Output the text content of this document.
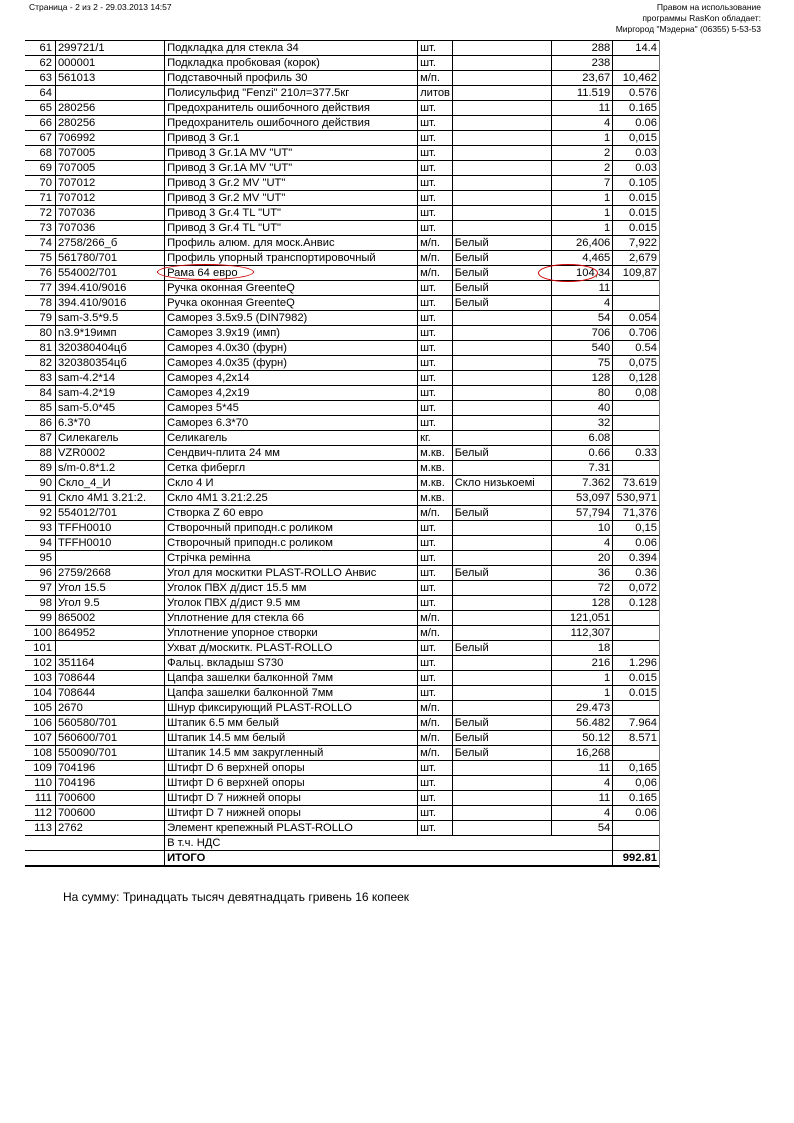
Страница - 2 из 2 - 29.03.2013 14:57	Правом на использование
программы RasKon обладает:
Миргород "Мэдерна" (06355) 5-53-53
61	299721/1	Подкладка для стекла 34	шт.		288	14.4
62	000001	Подкладка пробковая (корок)	шт.		238	
63	561013	Подставочный профиль 30	м/п.		23,67	10,462
64		Полисульфид "Fenzi" 210л=377.5кг	литов		11.519	0.576
65	280256	Предохранитель ошибочного действия	шт.		11	0.165
66	280256	Предохранитель ошибочного действия	шт.		4	0.06
67	706992	Привод 3 Gr.1	шт.		1	0,015
68	707005	Привод 3 Gr.1A MV "UT"	шт.		2	0.03
69	707005	Привод 3 Gr.1A MV "UT"	шт.		2	0.03
70	707012	Привод 3 Gr.2 MV "UT"	шт.		7	0.105
71	707012	Привод 3 Gr.2 MV "UT"	шт.		1	0.015
72	707036	Привод 3 Gr.4 TL "UT"	шт.		1	0.015
73	707036	Привод 3 Gr.4 TL "UT"	шт.		1	0.015
74	2758/266_б	Профиль алюм. для моск.Анвис	м/п.	Белый	26,406	7,922
75	561780/701	Профиль упорный транспортировочный	м/п.	Белый	4,465	2,679
76	554002/701	Рама 64 евро	м/п.	Белый	104,34	109,87
77	394.410/9016	Ручка оконная GreenteQ	шт.	Белый	11	
78	394.410/9016	Ручка оконная GreenteQ	шт.	Белый	4	
79	sam-3.5*9.5	Саморез 3.5х9.5 (DIN7982)	шт.		54	0.054
80	n3.9*19имп	Саморез 3.9х19 (имп)	шт.		706	0.706
81	320380404цб	Саморез 4.0х30 (фурн)	шт.		540	0.54
82	320380354цб	Саморез 4.0х35 (фурн)	шт.		75	0,075
83	sam-4.2*14	Саморез 4,2х14	шт.		128	0,128
84	sam-4.2*19	Саморез 4,2х19	шт.		80	0,08
85	sam-5.0*45	Саморез 5*45	шт.		40	
86	6.3*70	Саморез 6.3*70	шт.		32	
87	Силекагель	Селикагель	кг.		6.08	
88	VZR0002	Сендвич-плита 24 мм	м.кв.	Белый	0.66	0.33
89	s/m-0.8*1.2	Сетка фибергл	м.кв.		7.31	
90	Скло_4_И	Скло 4 И	м.кв.	Скло низькоемі	7.362	73.619
91	Скло 4М1 3.21:2.	Скло 4М1 3.21:2.25	м.кв.		53,097	530,971
92	554012/701	Створка Z 60 евро	м/п.	Белый	57,794	71,376
93	TFFH0010	Створочный приподн.с роликом	шт.		10	0,15
94	TFFH0010	Створочный приподн.с роликом	шт.		4	0.06
95		Стрічка ремінна	шт.		20	0.394
96	2759/2668	Угол для москитки PLAST-ROLLO Анвис	шт.	Белый	36	0.36
97	Угол 15.5	Уголок ПВХ д/дист 15.5 мм	шт.		72	0,072
98	Угол 9.5	Уголок ПВХ д/дист 9.5 мм	шт.		128	0.128
99	865002	Уплотнение для стекла 66	м/п.		121,051	
100	864952	Уплотнение упорное створки	м/п.		112,307	
101		Ухват д/москитк. PLAST-ROLLO	шт.	Белый	18	
102	351164	Фальц. вкладыш S730	шт.		216	1.296
103	708644	Цапфа зашелки балконной 7мм	шт.		1	0.015
104	708644	Цапфа зашелки балконной 7мм	шт.		1	0.015
105	2670	Шнур фиксирующий PLAST-ROLLO	м/п.		29.473	
106	560580/701	Штапик 6.5 мм белый	м/п.	Белый	56.482	7.964
107	560600/701	Штапик 14.5 мм белый	м/п.	Белый	50.12	8.571
108	550090/701	Штапик 14.5 мм закругленный	м/п.	Белый	16,268	
109	704196	Штифт D 6 верхней опоры	шт.		11	0,165
110	704196	Штифт D 6 верхней опоры	шт.		4	0,06
111	700600	Штифт D 7 нижней опоры	шт.		11	0.165
112	700600	Штифт D 7 нижней опоры	шт.		4	0.06
113	2762	Элемент крепежный PLAST-ROLLO	шт.		54	
		В т.ч. НДС				
		ИТОГО				992.81
На сумму: Тринадцать тысяч девятнадцать гривень 16 копеек
